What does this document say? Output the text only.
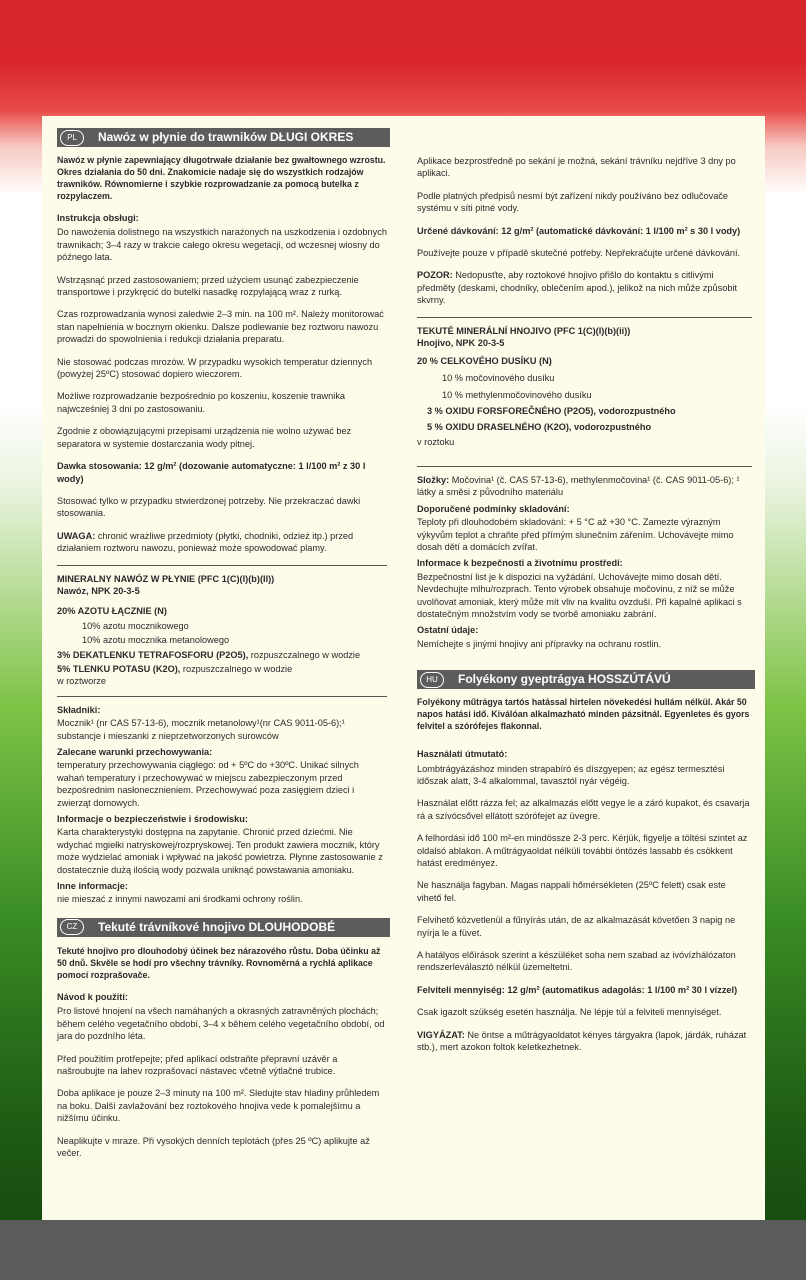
PL	Nawóz w płynie do trawników DŁUGI OKRES

Nawóz w płynie zapewniający długotrwałe działanie bez gwałtownego wzrostu. Okres działania do 50 dni. Znakomicie nadaje się do wszystkich rodzajów trawników. Równomierne i szybkie rozprowadzanie za pomocą butelka z rozpylaczem.

Instrukcja obsługi:

Do nawożenia dolistnego na wszystkich narażonych na uszkodzenia i ozdobnych trawnikach; 3–4 razy w trakcie całego okresu wegetacji, od wczesnej wiosny do późnego lata.

Wstrząsnąć przed zastosowaniem; przed użyciem usunąć zabezpieczenie transportowe i przykręcić do butelki nasadkę rozpylającą wraz z rurką.

Czas rozprowadzania wynosi zaledwie 2–3 min. na 100 m². Należy monitorować stan napełnienia w bocznym okienku. Dalsze podlewanie bez roztworu nawozu prowadzi do spowolnienia i redukcji działania preparatu.

Nie stosować podczas mrozów. W przypadku wysokich temperatur dziennych (powyżej 25ºC) stosować dopiero wieczorem.

Możliwe rozprowadzanie bezpośrednio po koszeniu, koszenie trawnika najwcześniej 3 dni po zastosowaniu.

Zgodnie z obowiązującymi przepisami urządzenia nie wolno używać bez separatora w systemie dostarczania wody pitnej.

Dawka stosowania: 12 g/m² (dozowanie automatyczne: 1 l/100 m² z 30 l wody)

Stosować tylko w przypadku stwierdzonej potrzeby. Nie przekraczać dawki stosowania.

UWAGA: chronić wrażliwe przedmioty (płytki, chodniki, odzież itp.) przed działaniem roztworu nawozu, ponieważ może spowodować plamy.

MINERALNY NAWÓZ W PŁYNIE (PFC 1(C)(I)(b)(II))

Nawóz, NPK 20-3-5

20% AZOTU ŁĄCZNIE (N)

10% azotu mocznikowego

10% azotu mocznika metanolowego

3% DEKATLENKU TETRAFOSFORU (P2O5), rozpuszczalnego w wodzie

5% TLENKU POTASU (K2O), rozpuszczalnego w wodzie

w roztworze

Składniki:

Mocznik¹ (nr CAS 57-13-6), mocznik metanolowy¹(nr CAS 9011-05-6);¹ substancje i mieszanki z nieprzetworzonych surowców

Zalecane warunki przechowywania:

temperatury przechowywania ciągłego: od + 5ºC do +30ºC. Unikać silnych wahań temperatury i przechowywać w miejscu zabezpieczonym przed bezpośrednim nasłonecznieniem. Przechowywać poza zasięgiem dzieci i zwierząt domowych.

Informacje o bezpieczeństwie i środowisku:

Karta charakterystyki dostępna na zapytanie. Chronić przed dziećmi. Nie wdychać mgiełki natryskowej/rozpryskowej. Ten produkt zawiera mocznik, który może wydzielać amoniak i wpływać na jakość powietrza. Płynne zastosowanie z dostatecznie dużą ilością wody pozwala uniknąć powstawania amoniaku.

Inne informacje:

nie mieszać z innymi nawozami ani środkami ochrony roślin.

CZ	Tekuté trávníkové hnojivo DLOUHODOBÉ

Tekuté hnojivo pro dlouhodobý účinek bez nárazového růstu. Doba účinku až 50 dnů. Skvěle se hodí pro všechny trávníky. Rovnoměrná a rychlá aplikace pomocí rozprašovače.

Návod k použití:

Pro listové hnojení na všech namáhaných a okrasných zatravněných plochách; během celého vegetačního období, 3–4 x během celého vegetačního období, od jara do pozdního léta.

Před použitím protřepejte; před aplikací odstraňte přepravní uzávěr a našroubujte na lahev rozprašovací nástavec včetně výtlačné trubice.

Doba aplikace je pouze 2–3 minuty na 100 m². Sledujte stav hladiny průhledem na boku. Další zavlažování bez roztokového hnojiva vede k pomalejšímu a nižšímu účinku.

Neaplikujte v mraze. Při vysokých denních teplotách (přes 25 ºC) aplikujte až večer.

Aplikace bezprostředně po sekání je možná, sekání trávníku nejdříve 3 dny po aplikaci.

Podle platných předpisů nesmí být zařízení nikdy používáno bez odlučovače systému v síti pitné vody.

Určené dávkování: 12 g/m² (automatické dávkování: 1 l/100 m² s 30 l vody)

Používejte pouze v případě skutečné potřeby. Nepřekračujte určené dávkování.

POZOR: Nedopusťte, aby roztokové hnojivo přišlo do kontaktu s citlivými předměty (deskami, chodníky, oblečením apod.), jelikož na nich může způsobit skvrny.

TEKUTÉ MINERÁLNÍ HNOJIVO (PFC 1(C)(I)(b)(ii))

Hnojivo, NPK 20-3-5

20 % CELKOVÉHO DUSÍKU (N)

10 % močovinového dusíku

10 % methylenmočovinového dusíku

3 % OXIDU FORSFOREČNÉHO (P2O5), vodorozpustného

5 % OXIDU DRASELNÉHO (K2O), vodorozpustného

v roztoku

Složky: Močovina¹ (č. CAS 57-13-6), methylenmočovina¹ (č. CAS 9011-05-6); ¹ látky a směsi z původního materiálu

Doporučené podmínky skladování:

Teploty při dlouhodobém skladování: + 5 °C až +30 °C. Zamezte výrazným výkyvům teplot a chraňte před přímým slunečním zářením. Uchovávejte mimo dosah dětí a domácích zvířat.

Informace k bezpečnosti a životnímu prostředí:

Bezpečnostní list je k dispozici na vyžádání. Uchovávejte mimo dosah dětí. Nevdechujte mlhu/rozprach. Tento výrobek obsahuje močovinu, z níž se může uvolňovat amoniak, který může mít vliv na kvalitu ovzduší. Při kapalné aplikaci s dostatečným množstvím vody se tvorbě amoniaku zabrání.

Ostatní údaje:

Nemíchejte s jinými hnojivy ani přípravky na ochranu rostlin.

HU	Folyékony gyeptrágya HOSSZÚTÁVÚ

Folyékony műtrágya tartós hatással hirtelen növekedési hullám nélkül. Akár 50 napos hatási idő. Kiválóan alkalmazható minden pázsitnál. Egyenletes és gyors felvitel a szórófejes flakonnal.

Használati útmutató:

Lombtrágyázáshoz minden strapabíró és díszgyepen; az egész termesztési időszak alatt, 3-4 alkalommal, tavasztól nyár végéig.

Használat előtt rázza fel; az alkalmazás előtt vegye le a záró kupakot, és csavarja rá a szívócsővel ellátott szórófejet az üvegre.

A felhordási idő 100 m²-en mindössze 2-3 perc. Kérjük, figyelje a töltési szintet az oldalsó ablakon. A műtrágyaoldat nélküli további öntözés lassabb és csökkent hatást eredményez.

Ne használja fagyban. Magas nappali hőmérsékleten (25ºC felett) csak este vihető fel.

Felvihető közvetlenül a fűnyírás után, de az alkalmazását követően 3 napig ne nyírja le a füvet.

A hatályos előírások szerint a készüléket soha nem szabad az ivóvízhálózaton rendszerleválasztó nélkül üzemeltetni.

Felviteli mennyiség: 12 g/m² (automatikus adagolás: 1 l/100 m² 30 l vízzel)

Csak igazolt szükség esetén használja. Ne lépje túl a felviteli mennyiséget.

VIGYÁZAT: Ne öntse a műtrágyaoldatot kényes tárgyakra (lapok, járdák, ruházat stb.), mert azokon foltok keletkezhetnek.
